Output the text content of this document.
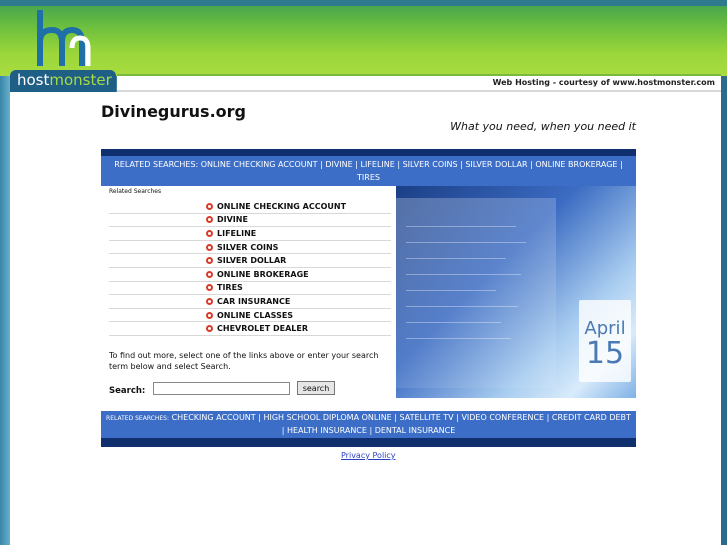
hostmonster	Web Hosting - courtesy of www.hostmonster.com
Divinegurus.org
What you need, when you need it
RELATED SEARCHES: ONLINE CHECKING ACCOUNT | DIVINE | LIFELINE | SILVER COINS | SILVER DOLLAR | ONLINE BROKERAGE | TIRES
Related Searches
ONLINE CHECKING ACCOUNT
DIVINE
LIFELINE
SILVER COINS
SILVER DOLLAR
ONLINE BROKERAGE
TIRES
CAR INSURANCE
ONLINE CLASSES
CHEVROLET DEALER
To find out more, select one of the links above or enter your search term below and select Search.
Search:	search
April
15
RELATED SEARCHES: CHECKING ACCOUNT | HIGH SCHOOL DIPLOMA ONLINE | SATELLITE TV | VIDEO CONFERENCE | CREDIT CARD DEBT | HEALTH INSURANCE | DENTAL INSURANCE
Privacy Policy
